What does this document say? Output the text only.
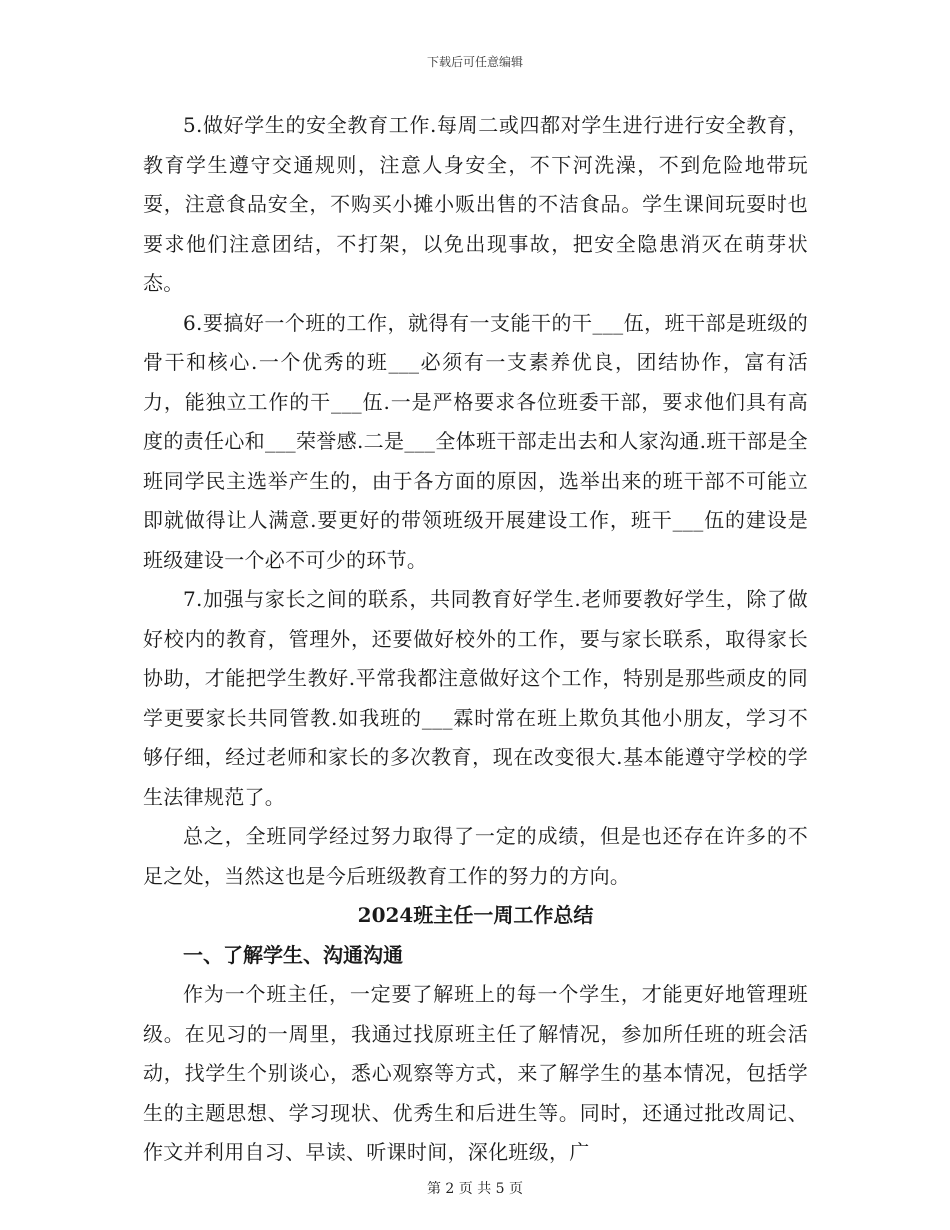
下载后可任意编辑

5.做好学生的安全教育工作.每周二或四都对学生进行进行安全教育，教育学生遵守交通规则，注意人身安全，不下河洗澡，不到危险地带玩耍，注意食品安全，不购买小摊小贩出售的不洁食品。学生课间玩耍时也要求他们注意团结，不打架，以免出现事故，把安全隐患消灭在萌芽状态。

6.要搞好一个班的工作，就得有一支能干的干___伍，班干部是班级的骨干和核心.一个优秀的班___必须有一支素养优良，团结协作，富有活力，能独立工作的干___伍.一是严格要求各位班委干部，要求他们具有高度的责任心和___荣誉感.二是___全体班干部走出去和人家沟通.班干部是全班同学民主选举产生的，由于各方面的原因，选举出来的班干部不可能立即就做得让人满意.要更好的带领班级开展建设工作，班干___伍的建设是班级建设一个必不可少的环节。

7.加强与家长之间的联系，共同教育好学生.老师要教好学生，除了做好校内的教育，管理外，还要做好校外的工作，要与家长联系，取得家长协助，才能把学生教好.平常我都注意做好这个工作，特别是那些顽皮的同学更要家长共同管教.如我班的___霖时常在班上欺负其他小朋友，学习不够仔细，经过老师和家长的多次教育，现在改变很大.基本能遵守学校的学生法律规范了。

总之，全班同学经过努力取得了一定的成绩，但是也还存在许多的不足之处，当然这也是今后班级教育工作的努力的方向。

2024班主任一周工作总结

一、了解学生、沟通沟通

作为一个班主任，一定要了解班上的每一个学生，才能更好地管理班级。在见习的一周里，我通过找原班主任了解情况，参加所任班的班会活动，找学生个别谈心，悉心观察等方式，来了解学生的基本情况，包括学生的主题思想、学习现状、优秀生和后进生等。同时，还通过批改周记、作文并利用自习、早读、听课时间，深化班级，广

第 2 页 共 5 页
